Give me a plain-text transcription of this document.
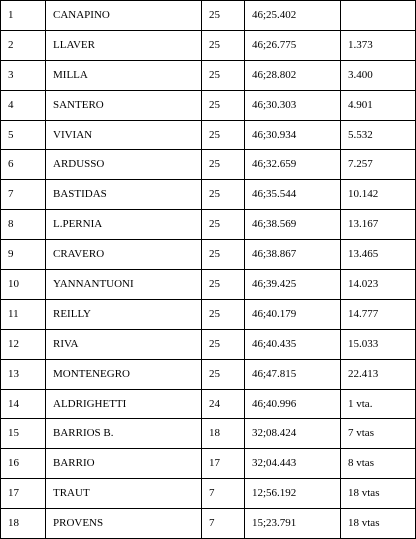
1	CANAPINO	25	46;25.402	
2	LLAVER	25	46;26.775	1.373
3	MILLA	25	46;28.802	3.400
4	SANTERO	25	46;30.303	4.901
5	VIVIAN	25	46;30.934	5.532
6	ARDUSSO	25	46;32.659	7.257
7	BASTIDAS	25	46;35.544	10.142
8	L.PERNIA	25	46;38.569	13.167
9	CRAVERO	25	46;38.867	13.465
10	YANNANTUONI	25	46;39.425	14.023
11	REILLY	25	46;40.179	14.777
12	RIVA	25	46;40.435	15.033
13	MONTENEGRO	25	46;47.815	22.413
14	ALDRIGHETTI	24	46;40.996	1 vta.
15	BARRIOS B.	18	32;08.424	7 vtas
16	BARRIO	17	32;04.443	8 vtas
17	TRAUT	7	12;56.192	18 vtas
18	PROVENS	7	15;23.791	18 vtas
